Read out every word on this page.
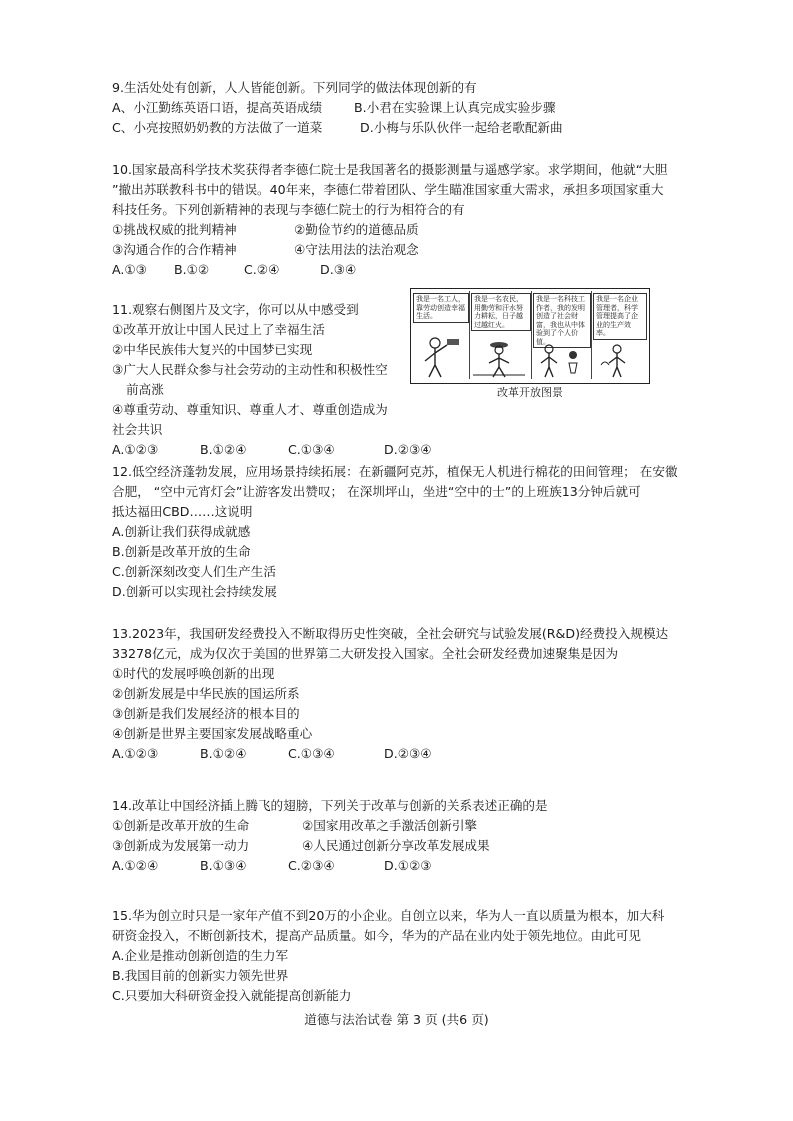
9.生活处处有创新，人人皆能创新。下列同学的做法体现创新的有
A、小江勤练英语口语，提高英语成绩	B.小君在实验课上认真完成实验步骤
C、小亮按照奶奶教的方法做了一道菜	D.小梅与乐队伙伴一起给老歌配新曲
10.国家最高科学技术奖获得者李德仁院士是我国著名的摄影测量与遥感学家。求学期间，他就“大胆
”撤出苏联教科书中的错误。40年来，李德仁带着团队、学生瞄准国家重大需求，承担多项国家重大
科技任务。下列创新精神的表现与李德仁院士的行为相符合的有
①挑战权威的批判精神	②勤俭节约的道德品质
③沟通合作的合作精神	④守法用法的法治观念
A.①③	B.①②	C.②④	D.③④
11.观察右侧图片及文字，你可以从中感受到
①改革开放让中国人民过上了幸福生活
②中华民族伟大复兴的中国梦已实现
③广大人民群众参与社会劳动的主动性和积极性空
前高涨
④尊重劳动、尊重知识、尊重人才、尊重创造成为
社会共识
A.①②③	B.①②④	C.①③④	D.②③④
12.低空经济蓬勃发展，应用场景持续拓展：在新疆阿克苏，植保无人机进行棉花的田间管理； 在安徽
合肥， “空中元宵灯会”让游客发出赞叹； 在深圳坪山，坐进“空中的士”的上班族13分钟后就可
抵达福田CBD……这说明
A.创新让我们获得成就感
B.创新是改革开放的生命
C.创新深刻改变人们生产生活
D.创新可以实现社会持续发展
13.2023年，我国研发经费投入不断取得历史性突破，全社会研究与试验发展(R&D)经费投入规模达
33278亿元，成为仅次于美国的世界第二大研发投入国家。全社会研发经费加速聚集是因为
①时代的发展呼唤创新的出现
②创新发展是中华民族的国运所系
③创新是我们发展经济的根本目的
④创新是世界主要国家发展战略重心
A.①②③	B.①②④	C.①③④	D.②③④
14.改革让中国经济插上腾飞的翅膀，下列关于改革与创新的关系表述正确的是
①创新是改革开放的生命	②国家用改革之手激活创新引擎
③创新成为发展第一动力	④人民通过创新分享改革发展成果
A.①②④	B.①③④	C.②③④	D.①②③
15.华为创立时只是一家年产值不到20万的小企业。自创立以来，华为人一直以质量为根本，加大科
研资金投入，不断创新技术，提高产品质量。如今，华为的产品在业内处于领先地位。由此可见
A.企业是推动创新创造的生力军
B.我国目前的创新实力领先世界
C.只要加大科研资金投入就能提高创新能力
我是一名工人，靠劳动创造幸福生活。
我是一名农民，用勤劳和汗水努力耕耘，日子越过越红火。
我是一名科技工作者，我的发明创造了社会财富，我也从中体验到了个人价值。
我是一名企业管理者，科学管理提高了企业的生产效率。
改革开放图景
道德与法治试卷 第 3 页 (共6 页)
